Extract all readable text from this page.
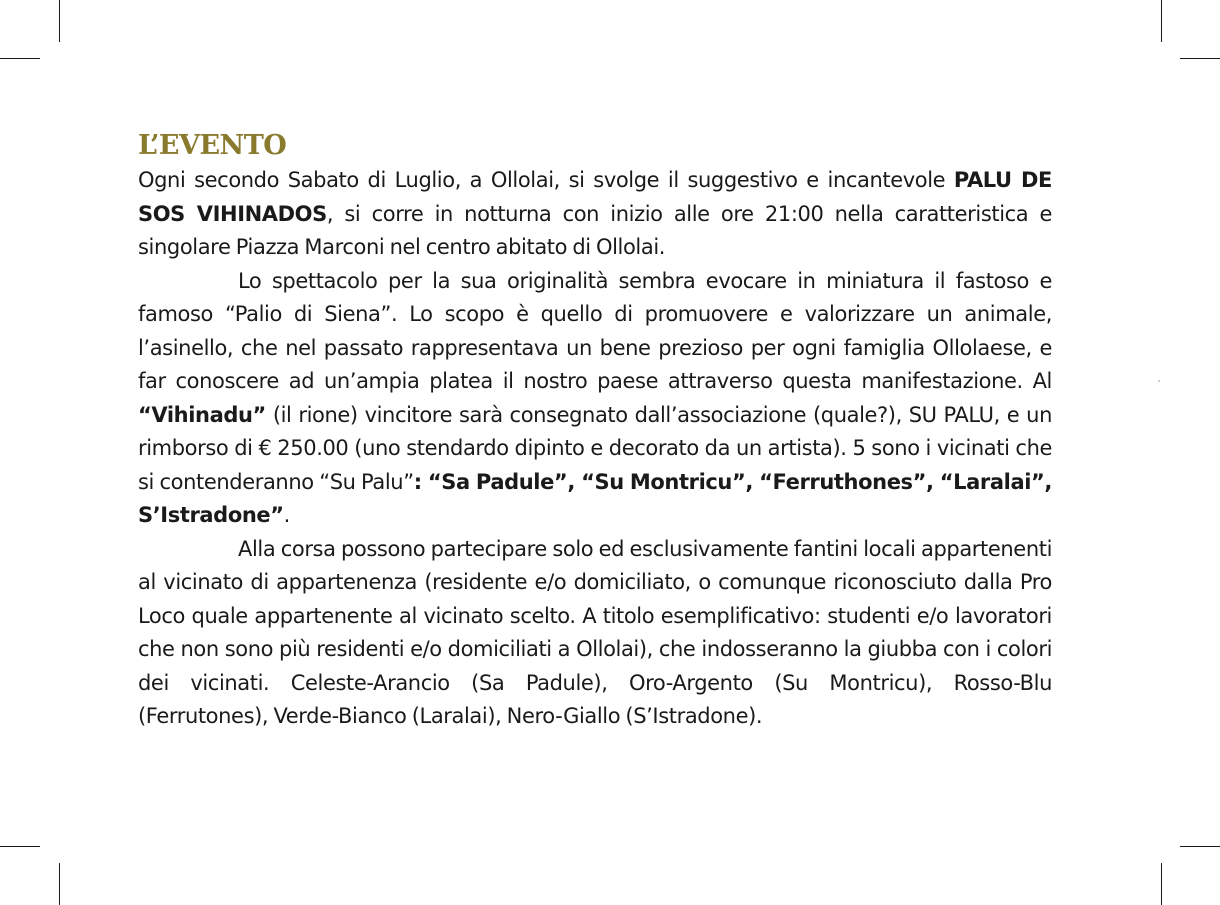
L’EVENTO

Ogni secondo Sabato di Luglio, a Ollolai, si svolge il suggestivo e incantevole PALU DE SOS VIHINADOS, si corre in notturna con inizio alle ore 21:00 nella caratteristica e singolare Piazza Marconi nel centro abitato di Ollolai.

Lo spettacolo per la sua originalità sembra evocare in miniatura il fastoso e famoso “Palio di Siena”. Lo scopo è quello di promuovere e valorizzare un animale, l’asinello, che nel passato rappresentava un bene prezioso per ogni famiglia Ollolaese, e far conoscere ad un’ampia platea il nostro paese attraverso questa manifestazione. Al “Vihinadu” (il rione) vincitore sarà consegnato dall’associazione (quale?), SU PALU, e un rimborso di € 250.00 (uno stendardo dipinto e decorato da un artista). 5 sono i vicinati che si contenderanno “Su Palu”: “Sa Padule”, “Su Montricu”, “Ferruthones”, “Laralai”, S’Istradone”.

Alla corsa possono partecipare solo ed esclusivamente fantini locali appartenenti al vicinato di appartenenza (residente e/o domiciliato, o comunque riconosciuto dalla Pro Loco quale appartenente al vicinato scelto. A titolo esemplificativo: studenti e/o lavoratori che non sono più residenti e/o domiciliati a Ollolai), che indosseranno la giubba con i colori dei vicinati. Celeste-Arancio (Sa Padule), Oro-Argento (Su Montricu), Rosso-Blu (Ferrutones), Verde-Bianco (Laralai), Nero-Giallo (S’Istradone).
